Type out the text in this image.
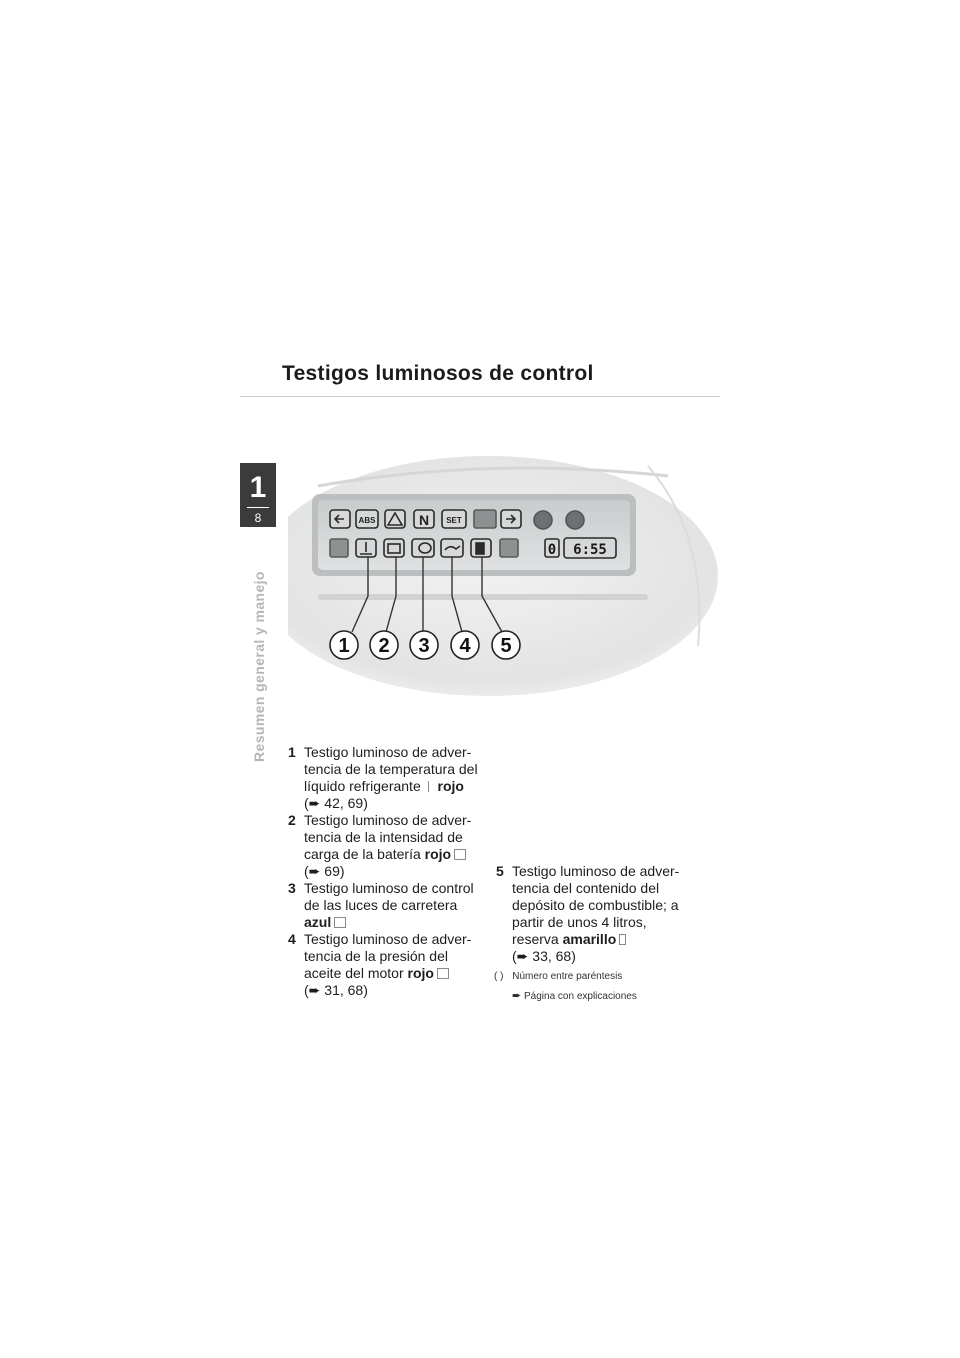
Testigos luminosos de control
1
8
Resumen general y manejo
ABS	N SET
0 6:55
1 2 3 4 5
1 Testigo luminoso de adver-
tencia de la temperatura del
líquido refrigerante rojo
(➨ 42, 69)
2 Testigo luminoso de adver-
tencia de la intensidad de
carga de la batería rojo
(➨ 69)
3 Testigo luminoso de control
de las luces de carretera
azul
4 Testigo luminoso de adver-
tencia de la presión del
aceite del motor rojo
(➨ 31, 68)
5 Testigo luminoso de adver-
tencia del contenido del
depósito de combustible; a
partir de unos 4 litros,
reserva amarillo
(➨ 33, 68)
( ) Número entre paréntesis
➨ Página con explicaciones
